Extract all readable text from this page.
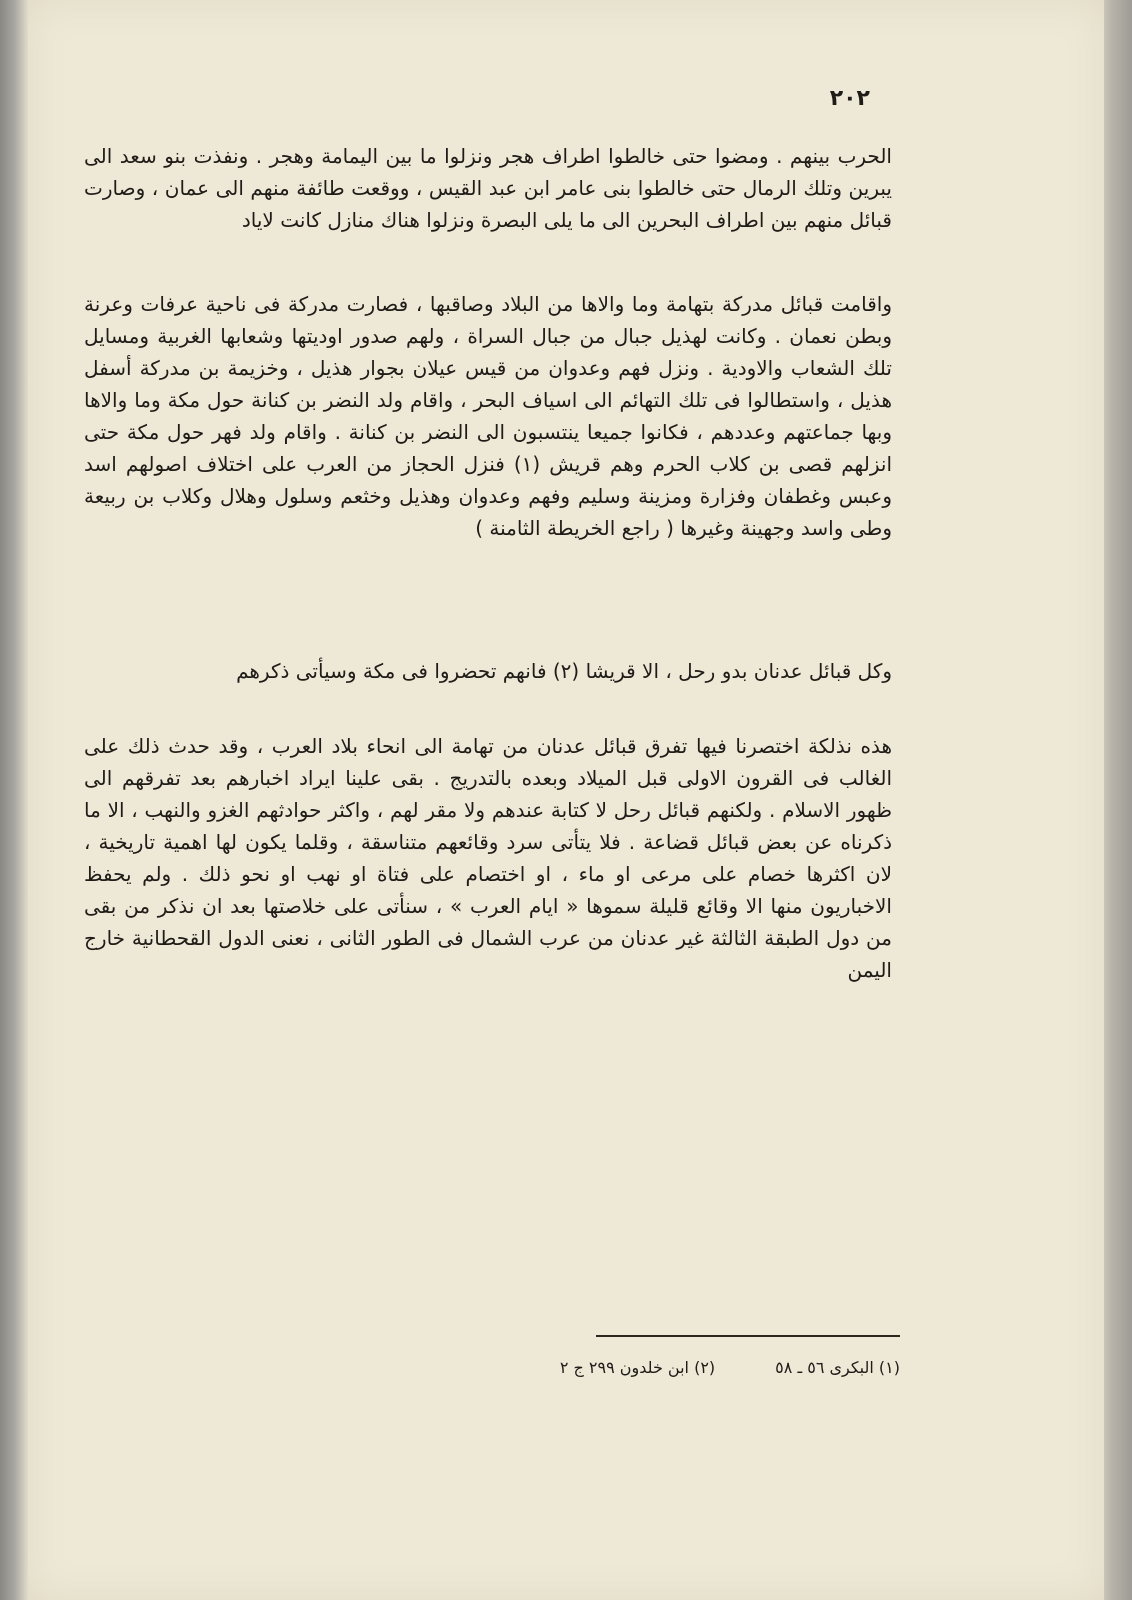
٢٠٢

الحرب بينهم . ومضوا حتى خالطوا اطراف هجر ونزلوا ما بين اليمامة وهجر . ونفذت بنو سعد الى يبرين وتلك الرمال حتى خالطوا بنى عامر ابن عبد القيس ، ووقعت طائفة منهم الى عمان ، وصارت قبائل منهم بين اطراف البحرين الى ما يلى البصرة ونزلوا هناك منازل كانت لاياد

واقامت قبائل مدركة بتهامة وما والاها من البلاد وصاقبها ، فصارت مدركة فى ناحية عرفات وعرنة وبطن نعمان . وكانت لهذيل جبال من جبال السراة ، ولهم صدور اوديتها وشعابها الغربية ومسايل تلك الشعاب والاودية . ونزل فهم وعدوان من قيس عيلان بجوار هذيل ، وخزيمة بن مدركة أسفل هذيل ، واستطالوا فى تلك التهائم الى اسياف البحر ، واقام ولد النضر بن كنانة حول مكة وما والاها وبها جماعتهم وعددهم ، فكانوا جميعا ينتسبون الى النضر بن كنانة . واقام ولد فهر حول مكة حتى انزلهم قصى بن كلاب الحرم وهم قريش (١) فنزل الحجاز من العرب على اختلاف اصولهم اسد وعبس وغطفان وفزارة ومزينة وسليم وفهم وعدوان وهذيل وخثعم وسلول وهلال وكلاب بن ربيعة وطى واسد وجهينة وغيرها ( راجع الخريطة الثامنة )

وكل قبائل عدنان بدو رحل ، الا قريشا (٢) فانهم تحضروا فى مكة وسيأتى ذكرهم

هذه نذلكة اختصرنا فيها تفرق قبائل عدنان من تهامة الى انحاء بلاد العرب ، وقد حدث ذلك على الغالب فى القرون الاولى قبل الميلاد وبعده بالتدريج . بقى علينا ايراد اخبارهم بعد تفرقهم الى ظهور الاسلام . ولكنهم قبائل رحل لا كتابة عندهم ولا مقر لهم ، واكثر حوادثهم الغزو والنهب ، الا ما ذكرناه عن بعض قبائل قضاعة . فلا يتأتى سرد وقائعهم متناسقة ، وقلما يكون لها اهمية تاريخية ، لان اكثرها خصام على مرعى او ماء ، او اختصام على فتاة او نهب او نحو ذلك . ولم يحفظ الاخباريون منها الا وقائع قليلة سموها « ايام العرب » ، سنأتى على خلاصتها بعد ان نذكر من بقى من دول الطبقة الثالثة غير عدنان من عرب الشمال فى الطور الثانى ، نعنى الدول القحطانية خارج اليمن

(١) البكرى ٥٦ ـ ٥٨
(٢) ابن خلدون ٢٩٩ ج ٢
